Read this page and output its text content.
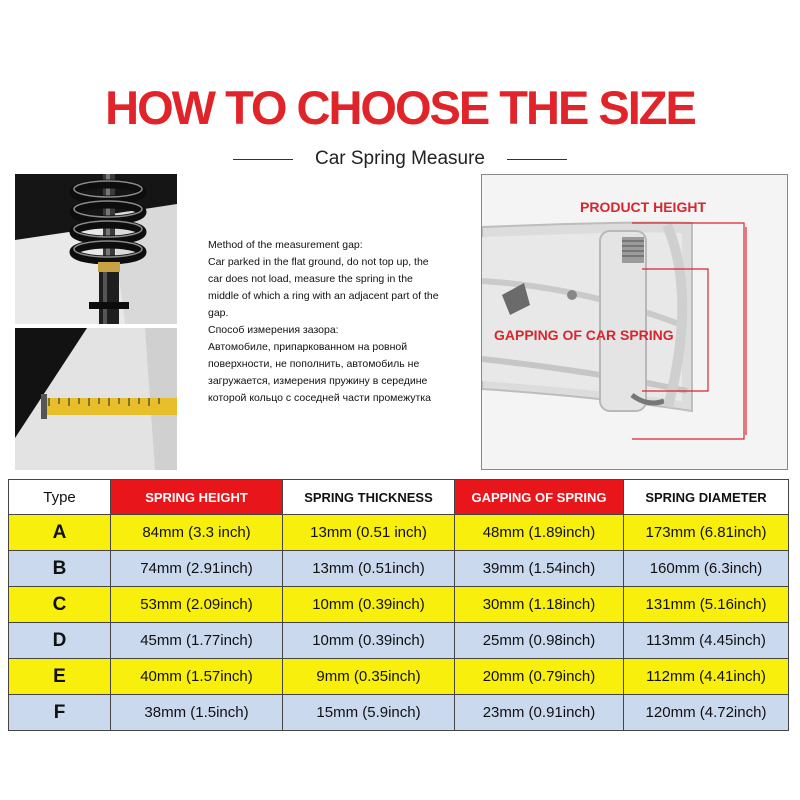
HOW TO CHOOSE THE SIZE
Car Spring Measure
Method of the measurement gap:
Car parked in the flat ground, do not top up, the
car does not load, measure the spring in the
middle of which a ring with an adjacent part of the
gap.
Способ измерения зазора:
Автомобиле, припаркованном на ровной
поверхности, не пополнить, автомобиль не
загружается, измерения пружину в середине
которой кольцо с соседней части промежутка
PRODUCT HEIGHT
GAPPING OF CAR SPRING
Type	SPRING HEIGHT	SPRING THICKNESS	GAPPING OF SPRING	SPRING DIAMETER
A	84mm (3.3 inch)	13mm (0.51 inch)	48mm (1.89inch)	173mm (6.81inch)
B	74mm (2.91inch)	13mm (0.51inch)	39mm (1.54inch)	160mm (6.3inch)
C	53mm (2.09inch)	10mm (0.39inch)	30mm (1.18inch)	131mm (5.16inch)
D	45mm (1.77inch)	10mm (0.39inch)	25mm (0.98inch)	113mm (4.45inch)
E	40mm (1.57inch)	9mm (0.35inch)	20mm (0.79inch)	112mm (4.41inch)
F	38mm (1.5inch)	15mm (5.9inch)	23mm (0.91inch)	120mm (4.72inch)
